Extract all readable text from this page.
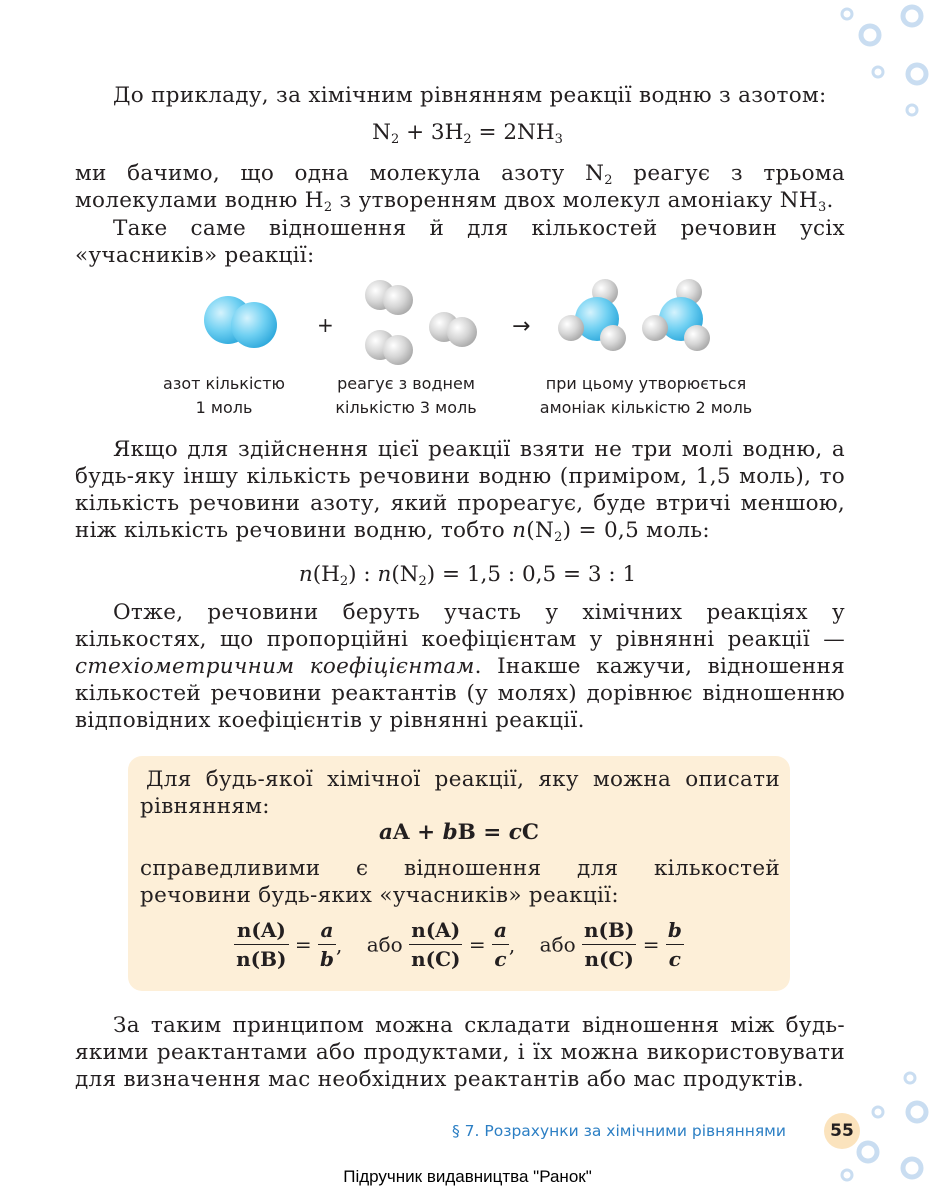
До прикладу, за хімічним рівнянням реакції водню з азотом:
$N_2 + 3H_2 = 2NH_3$
ми бачимо, що одна молекула азоту $N_2$ реагує з трьома молекулами водню $H_2$ з утворенням двох молекул амоніаку $NH_3$.
Таке саме відношення й для кількостей речовин усіх «учасників» реакції:
+	→
азот кількістю
1 моль
реагує з воднем
кількістю 3 моль
при цьому утворюється
амоніак кількістю 2 моль
Якщо для здійснення цієї реакції взяти не три молі водню, а будь-яку іншу кількість речовини водню (приміром, 1,5 моль), то кількість речовини азоту, який прореагує, буде втричі меншою, ніж кількість речовини водню, тобто $n(N_2) = 0,5$ моль:
$n(H_2)$ : $n(N_2) = 1,5$ : 0,5 = 3 : 1
Отже, речовини беруть участь у хімічних реакціях у кількостях, що пропорційні коефіцієнтам у рівнянні реакції — стехіометричним коефіцієнтам. Інакше кажучи, відношення кількостей речовини реактантів (у молях) дорівнює відношенню відповідних коефіцієнтів у рівнянні реакції.
Для будь-якої хімічної реакції, яку можна описати рівнянням:
aA + bB = cC
справедливими є відношення для кількостей речовини будь-яких «учасників» реакції:
$\frac{n(A)}{n(B)} = \frac{a}{b}$ , або $\frac{n(A)}{n(C)} = \frac{a}{c}$ , або $\frac{n(B)}{n(C)} = \frac{b}{c}$
За таким принципом можна складати відношення між будь-якими реактантами або продуктами, і їх можна використовувати для визначення мас необхідних реактантів або мас продуктів.
§ 7. Розрахунки за хімічними рівняннями	55
Підручник видавництва "Ранок"
